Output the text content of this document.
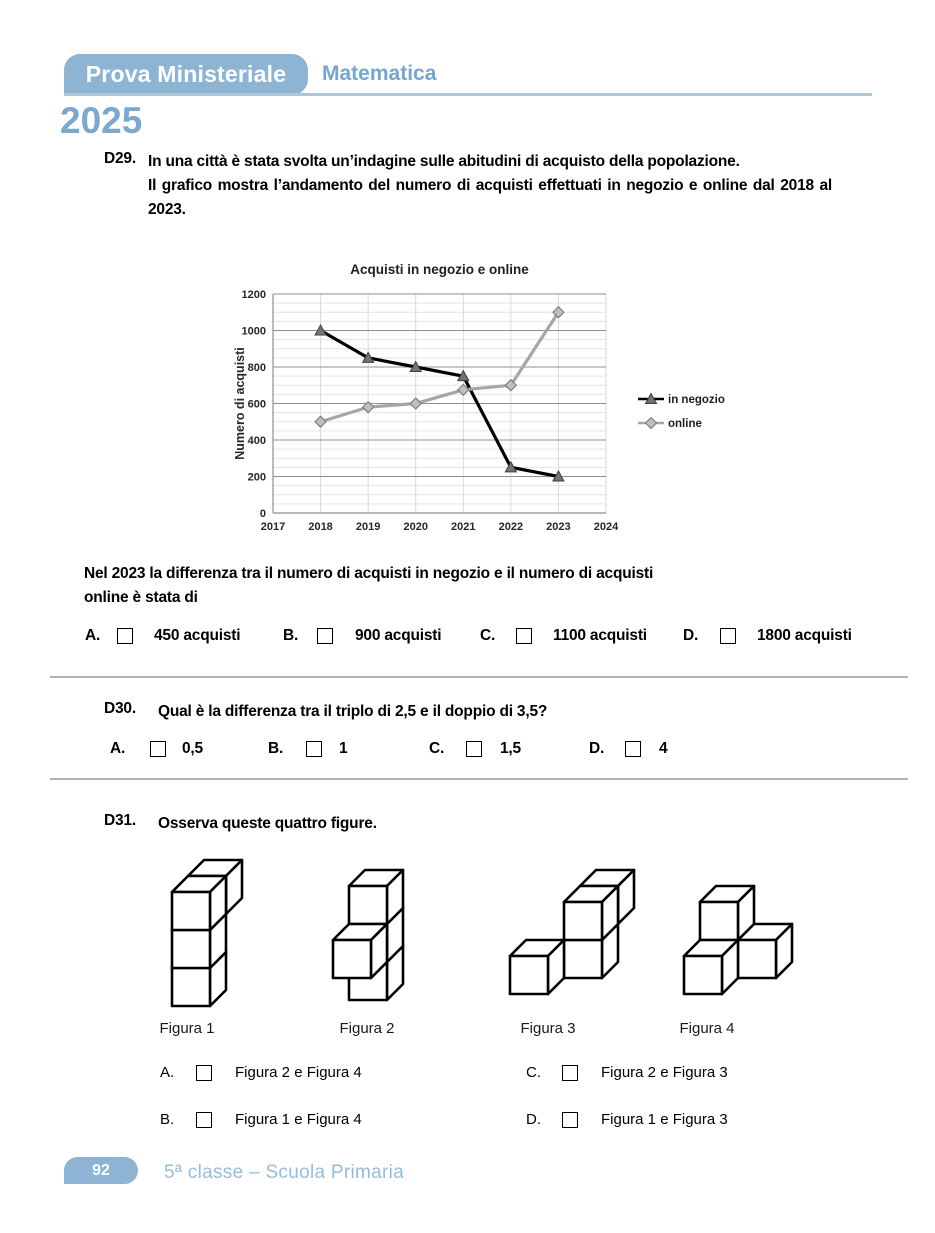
Prova Ministeriale Matematica
2025
D29. In una città è stata svolta un’indagine sulle abitudini di acquisto della popolazione.

Il grafico mostra l’andamento del numero di acquisti effettuati in negozio e online dal 2018 al 2023.

0
200
400
600
800
1000
1200
2017 2018 2019 2020 2021 2022 2023 2024
Acquisti in negozio e online
Numero di acquisti	in negozio
online
Nel 2023 la differenza tra il numero di acquisti in negozio e il numero di acquisti online è stata di
A.	450 acquisti	B.	900 acquisti C.	1100 acquisti D.	1800 acquisti
D30. Qual è la differenza tra il triplo di 2,5 e il doppio di 3,5?
A.	0,5	B.	1	C.	1,5	D.	4
D31. Osserva queste quattro figure.
Figura 1	Figura 2	Figura 3	Figura 4
A.	Figura 2 e Figura 4	C.	Figura 2 e Figura 3
B.	Figura 1 e Figura 4	D.	Figura 1 e Figura 3
92	5ª classe – Scuola Primaria
